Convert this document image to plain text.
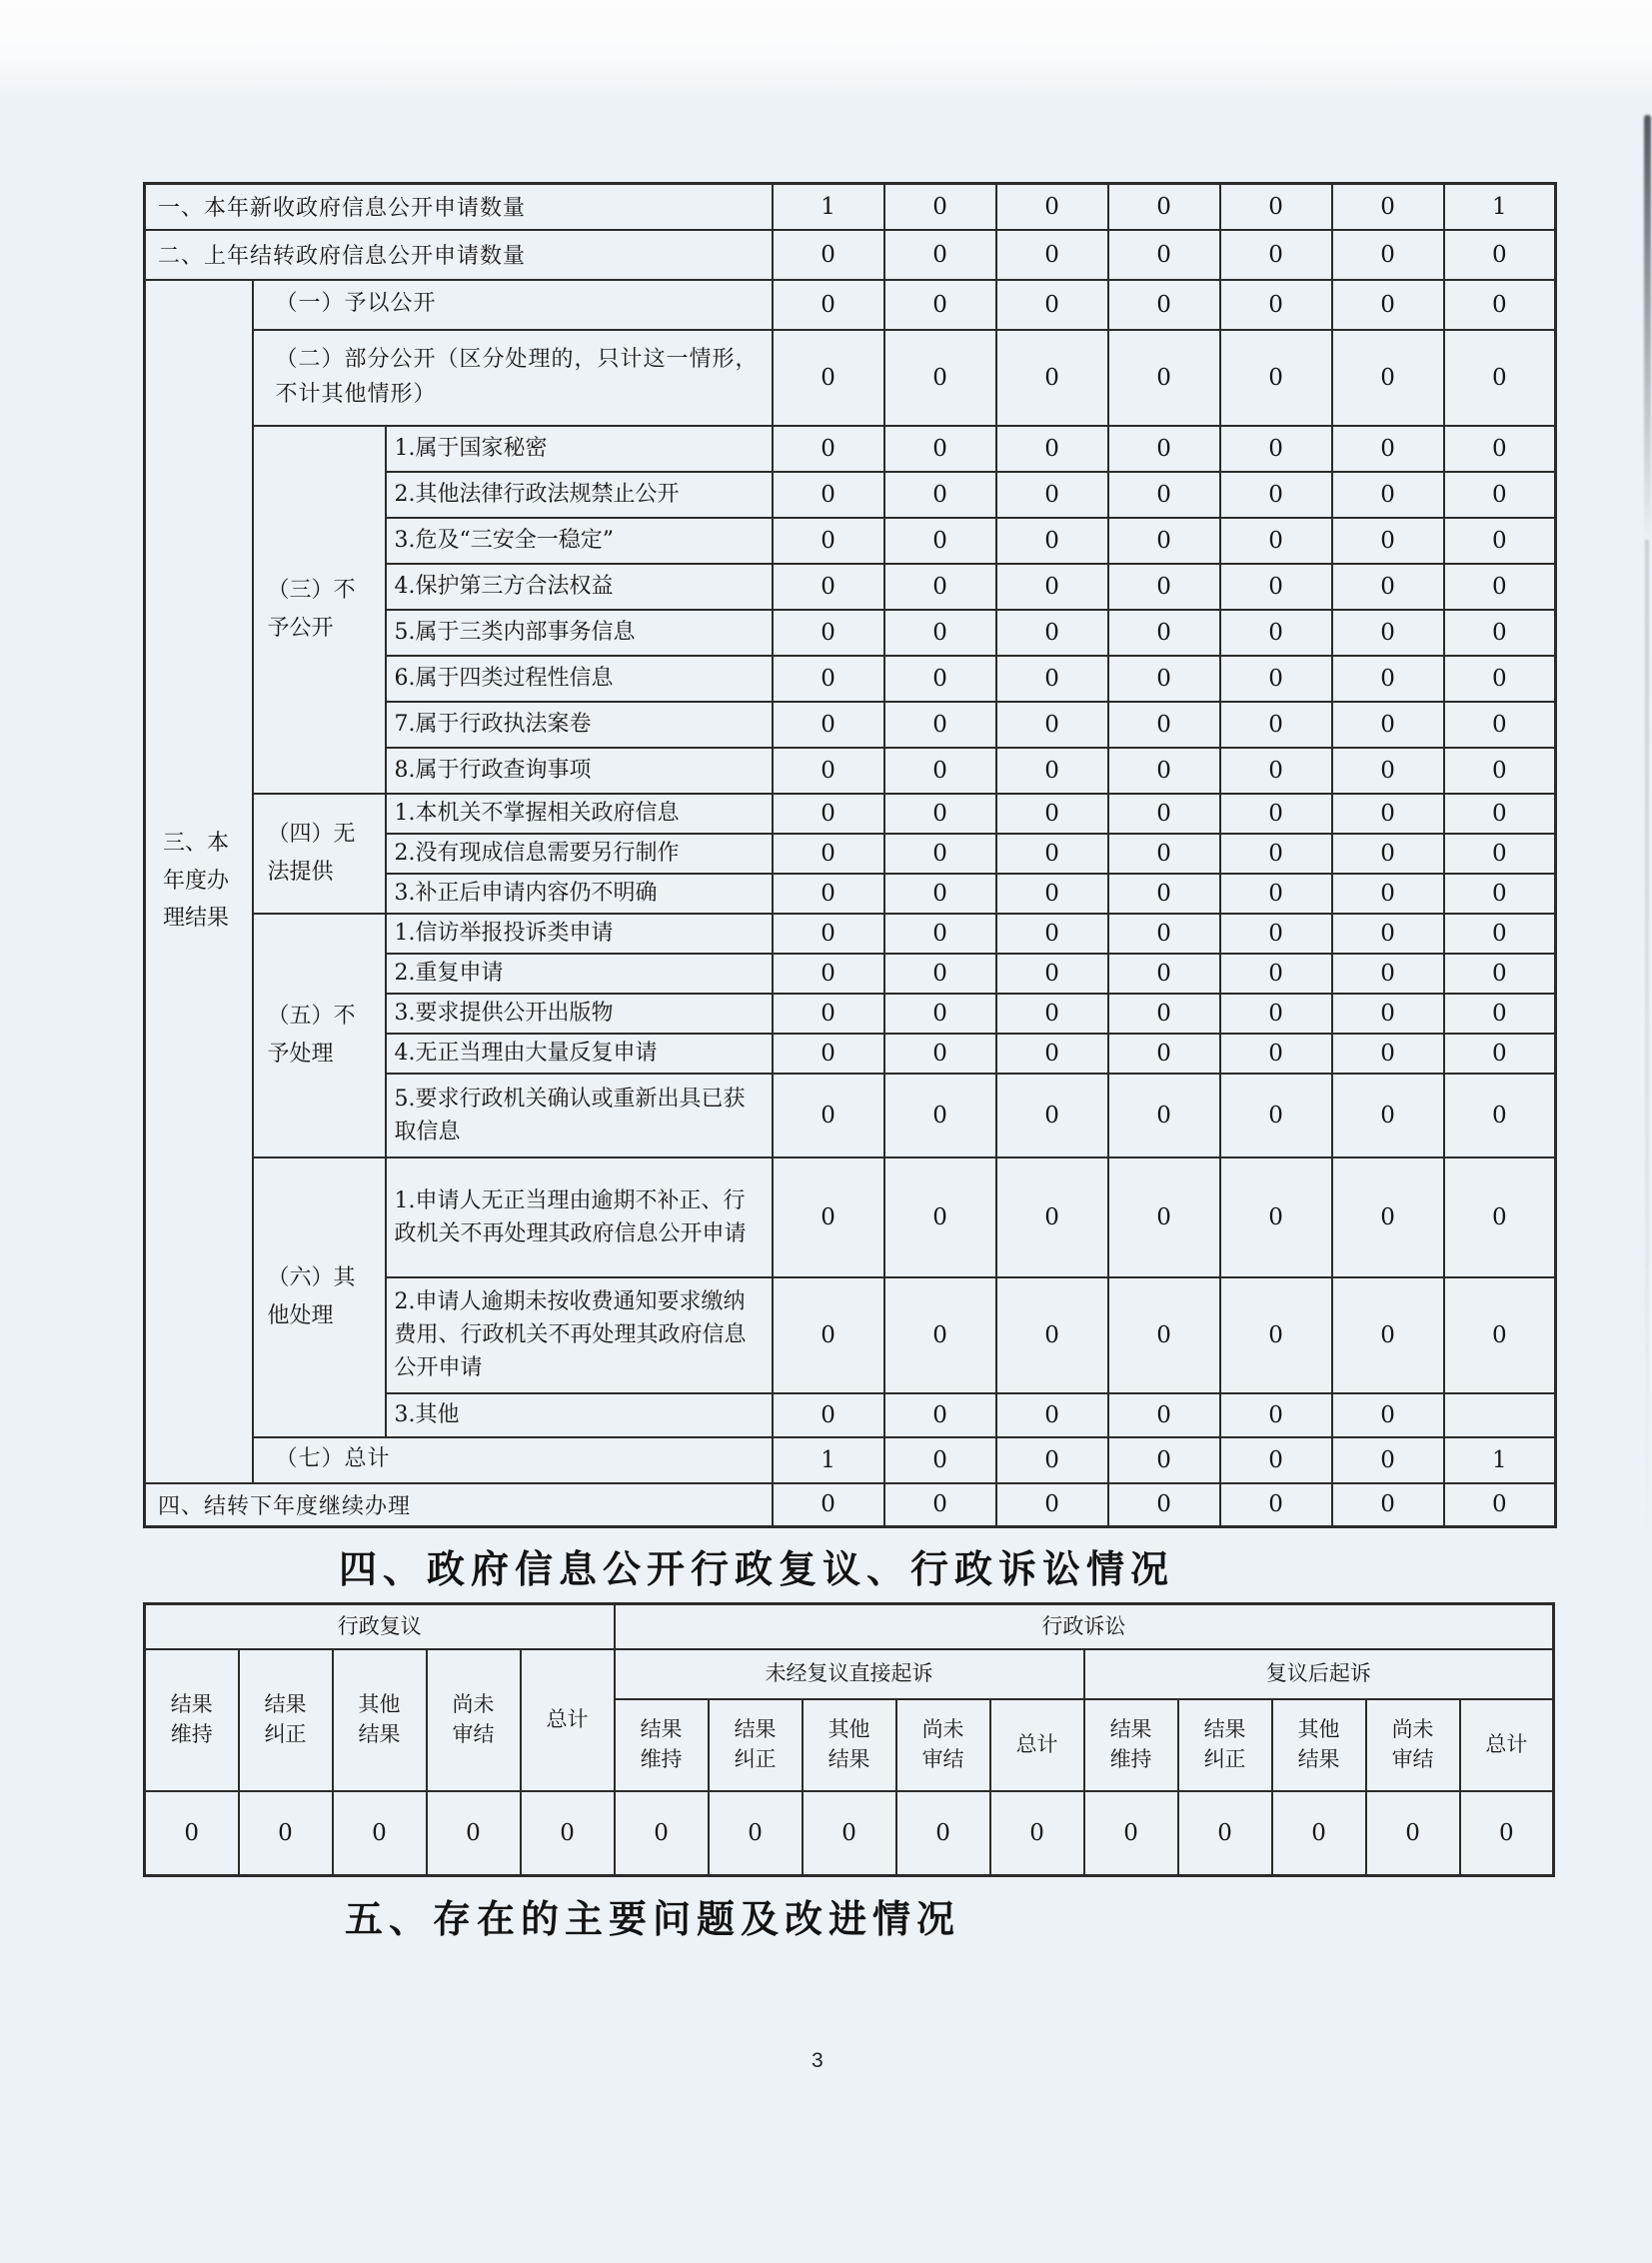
一、本年新收政府信息公开申请数量			1	0	0	0	0	0	1
二、上年结转政府信息公开申请数量			0	0	0	0	0	0	0
三、本年度办理结果	（一）予以公开		0	0	0	0	0	0	0
	（二）部分公开（区分处理的，只计这一情形，不计其他情形）		0	0	0	0	0	0	0
	（三）不予公开	1.属于国家秘密	0	0	0	0	0	0	0
		2.其他法律行政法规禁止公开	0	0	0	0	0	0	0
		3.危及“三安全一稳定”	0	0	0	0	0	0	0
		4.保护第三方合法权益	0	0	0	0	0	0	0
		5.属于三类内部事务信息	0	0	0	0	0	0	0
		6.属于四类过程性信息	0	0	0	0	0	0	0
		7.属于行政执法案卷	0	0	0	0	0	0	0
		8.属于行政查询事项	0	0	0	0	0	0	0
	（四）无法提供	1.本机关不掌握相关政府信息	0	0	0	0	0	0	0
		2.没有现成信息需要另行制作	0	0	0	0	0	0	0
		3.补正后申请内容仍不明确	0	0	0	0	0	0	0
	（五）不予处理	1.信访举报投诉类申请	0	0	0	0	0	0	0
		2.重复申请	0	0	0	0	0	0	0
		3.要求提供公开出版物	0	0	0	0	0	0	0
		4.无正当理由大量反复申请	0	0	0	0	0	0	0
		5.要求行政机关确认或重新出具已获取信息	0	0	0	0	0	0	0
	（六）其他处理	1.申请人无正当理由逾期不补正、行政机关不再处理其政府信息公开申请	0	0	0	0	0	0	0
		2.申请人逾期未按收费通知要求缴纳费用、行政机关不再处理其政府信息公开申请	0	0	0	0	0	0	0
		3.其他	0	0	0	0	0	0	
	（七）总计		1	0	0	0	0	0	1
四、结转下年度继续办理			0	0	0	0	0	0	0
四、政府信息公开行政复议、行政诉讼情况
行政复议					行政诉讼									
结果维持	结果纠正	其他结果	尚未审结	总计	未经复议直接起诉					复议后起诉				
					结果维持	结果纠正	其他结果	尚未审结	总计	结果维持	结果纠正	其他结果	尚未审结	总计
0	0	0	0	0	0	0	0	0	0	0	0	0	0	0
五、存在的主要问题及改进情况
3
